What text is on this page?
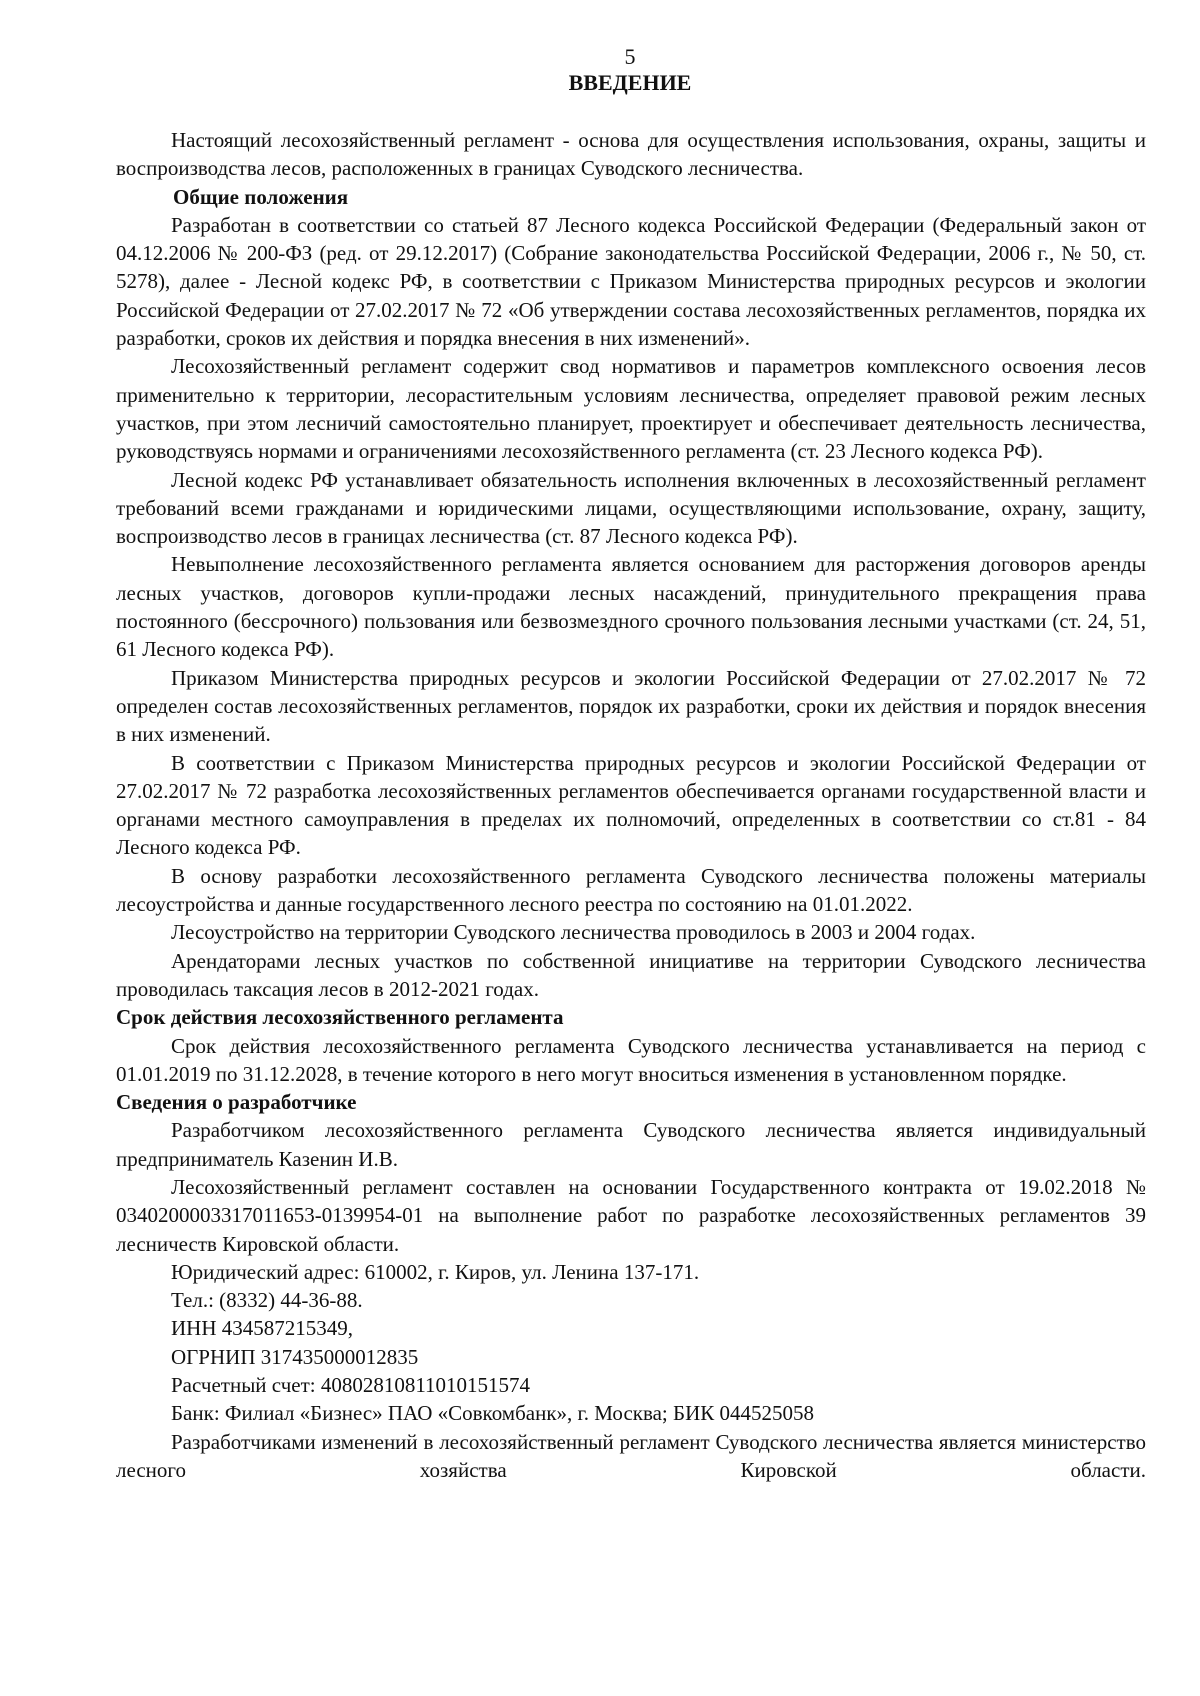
5
ВВЕДЕНИЕ

Настоящий лесохозяйственный регламент - основа для осуществления использования, охраны, защиты и воспроизводства лесов, расположенных в границах Суводского лесничества.

Общие положения

Разработан в соответствии со статьей 87 Лесного кодекса Российской Федерации (Федеральный закон от 04.12.2006 № 200-ФЗ (ред. от 29.12.2017) (Собрание законодательства Российской Федерации, 2006 г., № 50, ст. 5278), далее - Лесной кодекс РФ, в соответствии с Приказом Министерства природных ресурсов и экологии Российской Федерации от 27.02.2017 № 72 «Об утверждении состава лесохозяйственных регламентов, порядка их разработки, сроков их действия и порядка внесения в них изменений».

Лесохозяйственный регламент содержит свод нормативов и параметров комплексного освоения лесов применительно к территории, лесорастительным условиям лесничества, определяет правовой режим лесных участков, при этом лесничий самостоятельно планирует, проектирует и обеспечивает деятельность лесничества, руководствуясь нормами и ограничениями лесохозяйственного регламента (ст. 23 Лесного кодекса РФ).

Лесной кодекс РФ устанавливает обязательность исполнения включенных в лесохозяйственный регламент требований всеми гражданами и юридическими лицами, осуществляющими использование, охрану, защиту, воспроизводство лесов в границах лесничества (ст. 87 Лесного кодекса РФ).

Невыполнение лесохозяйственного регламента является основанием для расторжения договоров аренды лесных участков, договоров купли-продажи лесных насаждений, принудительного прекращения права постоянного (бессрочного) пользования или безвозмездного срочного пользования лесными участками (ст. 24, 51, 61 Лесного кодекса РФ).

Приказом Министерства природных ресурсов и экологии Российской Федерации от 27.02.2017 № 72 определен состав лесохозяйственных регламентов, порядок их разработки, сроки их действия и порядок внесения в них изменений.

В соответствии с Приказом Министерства природных ресурсов и экологии Российской Федерации от 27.02.2017 № 72 разработка лесохозяйственных регламентов обеспечивается органами государственной власти и органами местного самоуправления в пределах их полномочий, определенных в соответствии со ст.81 - 84 Лесного кодекса РФ.

В основу разработки лесохозяйственного регламента Суводского лесничества положены материалы лесоустройства и данные государственного лесного реестра по состоянию на 01.01.2022.

Лесоустройство на территории Суводского лесничества проводилось в 2003 и 2004 годах.

Арендаторами лесных участков по собственной инициативе на территории Суводского лесничества проводилась таксация лесов в 2012-2021 годах.

Срок действия лесохозяйственного регламента

Срок действия лесохозяйственного регламента Суводского лесничества устанавливается на период с 01.01.2019 по 31.12.2028, в течение которого в него могут вноситься изменения в установленном порядке.

Сведения о разработчике

Разработчиком лесохозяйственного регламента Суводского лесничества является индивидуальный предприниматель Казенин И.В.

Лесохозяйственный регламент составлен на основании Государственного контракта от 19.02.2018 № 0340200003317011653-0139954-01 на выполнение работ по разработке лесохозяйственных регламентов 39 лесничеств Кировской области.

Юридический адрес: 610002, г. Киров, ул. Ленина 137-171.

Тел.: (8332) 44-36-88.

ИНН 434587215349,

ОГРНИП 317435000012835

Расчетный счет: 40802810811010151574

Банк: Филиал «Бизнес» ПАО «Совкомбанк», г. Москва; БИК 044525058

Разработчиками изменений в лесохозяйственный регламент Суводского лесничества является министерство лесного хозяйства Кировской области.
